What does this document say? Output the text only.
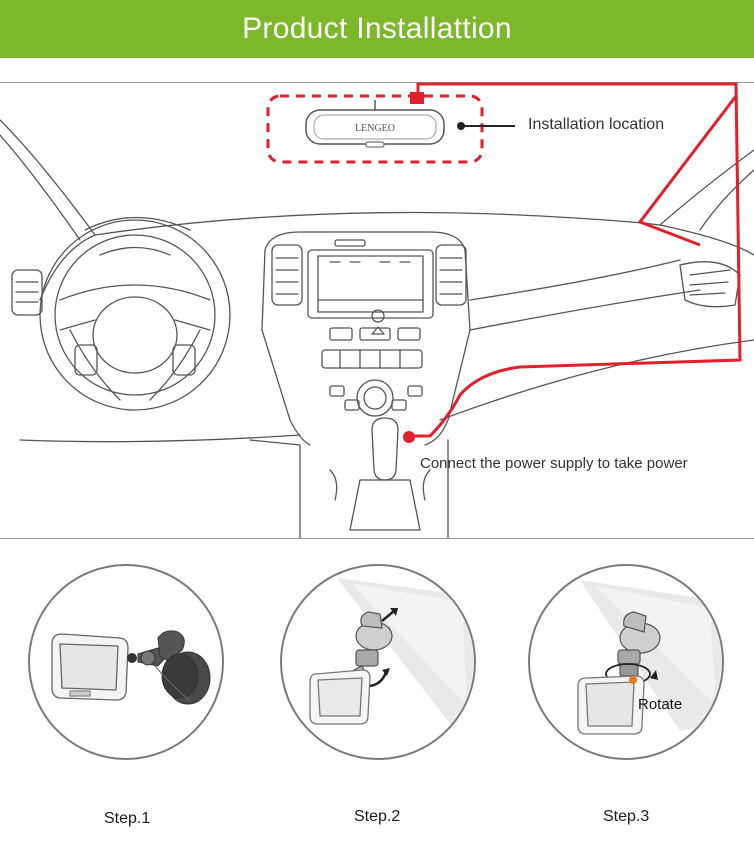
Product Installattion
LENGEO	Installation location
Connect the power supply to take power
Step.1	Step.2
Rotate
Step.3
